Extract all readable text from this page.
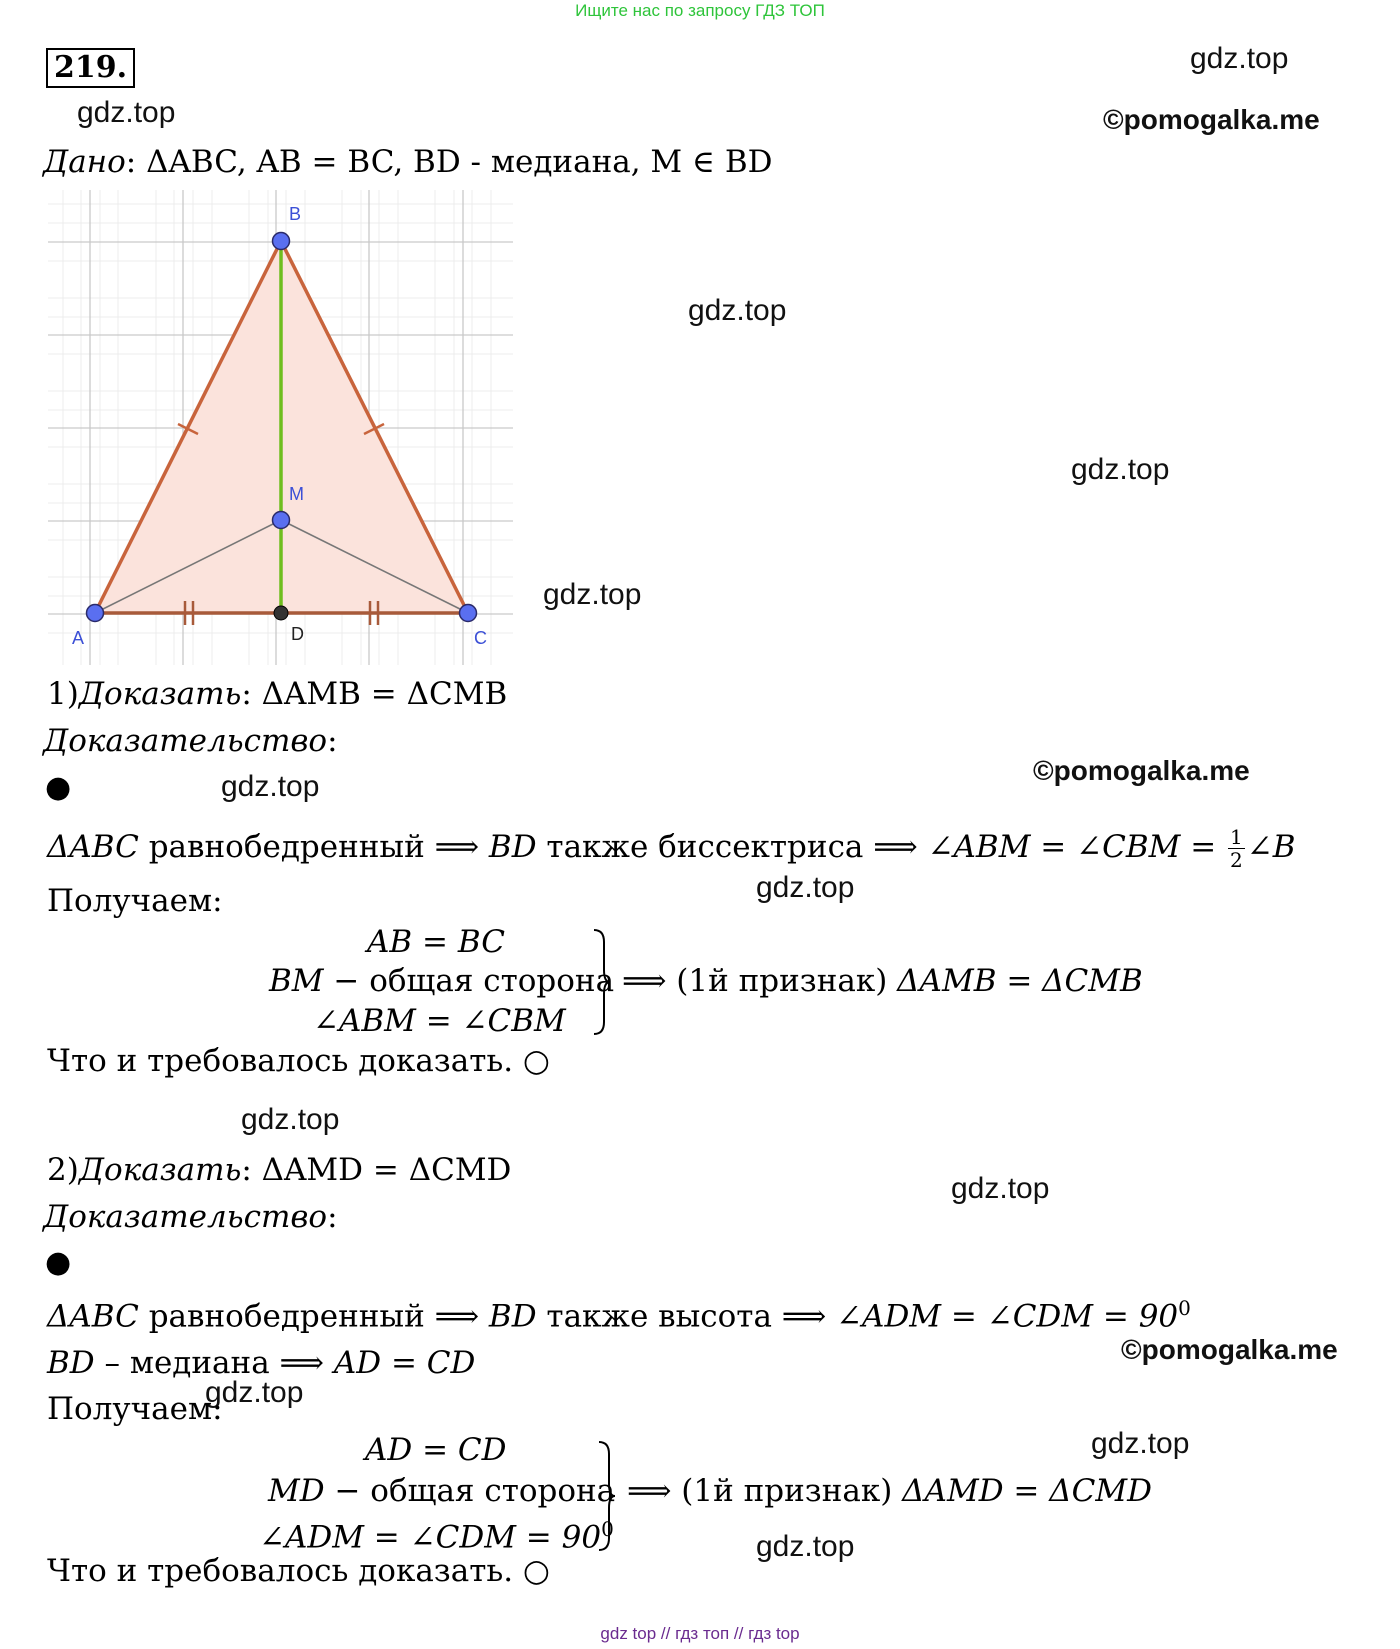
Ищите нас по запросу ГДЗ ТОП
219.	gdz.top
gdz.top	©pomogalka.me
gdz.top
gdz.top
gdz.top
gdz.top	©pomogalka.me
gdz.top
gdz.top
gdz.top
©pomogalka.me
gdz.top
gdz.top
gdz.top
Дано: ΔABC, AB = BC, BD - медиана, M ∈ BD
B
M
A	D	C
1)Доказать: ΔAMB = ΔCMB
Доказательство:
●
ΔABC равнобедренный ⟹ BD также биссектриса ⟹ ∠ABM = ∠CBM = $\frac{1}{2}$ ∠B
Получаем:
AB = BC
BM − общая сторона
∠ABM = ∠CBM
⟹ (1й признак) ΔAMB = ΔCMB
Что и требовалось доказать. ○
2)Доказать: ΔAMD = ΔCMD
Доказательство:
●
ΔABC равнобедренный ⟹ BD также высота ⟹ ∠ADM = ∠CDM = $90^0$
BD – медиана ⟹ AD = CD
Получаем:
AD = CD
MD − общая сторона
∠ADM = ∠CDM = $90^0$
⟹ (1й признак) ΔAMD = ΔCMD
Что и требовалось доказать. ○
gdz top // гдз топ // гдз top
